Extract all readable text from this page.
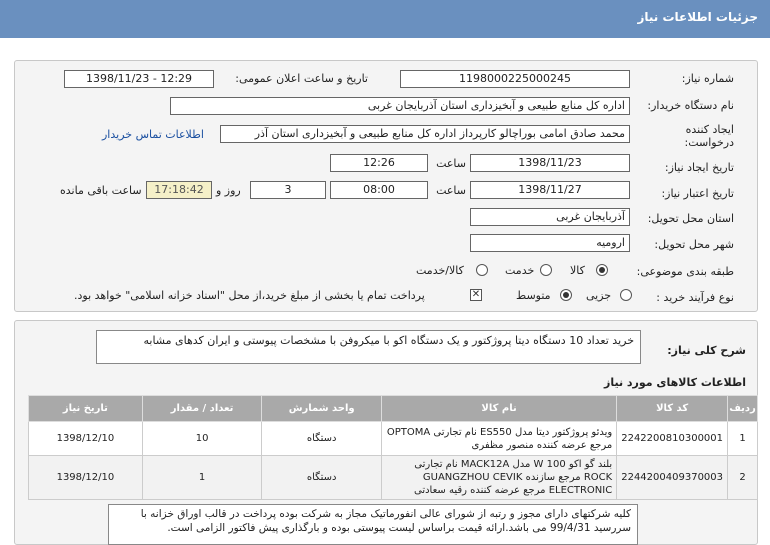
جزئیات اطلاعات نیاز
شماره نیاز:
1198000225000245
تاریخ و ساعت اعلان عمومی:
1398/11/23 - 12:29
نام دستگاه خریدار:
اداره کل منابع طبیعی و آبخیزداری استان آذربایجان غربی
ایجاد کننده درخواست:
محمد صادق امامی بوراچالو کارپرداز اداره کل منابع طبیعی و آبخیزداری استان آذر
اطلاعات تماس خریدار
تاریخ ایجاد نیاز:
1398/11/23
ساعت
12:26
تاریخ اعتبار نیاز:
1398/11/27
ساعت
08:00
3
روز و
17:18:42
ساعت باقی مانده
استان محل تحویل:
آذربایجان غربی
شهر محل تحویل:
ارومیه
طبقه بندی موضوعی:
کالا
خدمت
کالا/خدمت
نوع فرآیند خرید :
جزیی
متوسط
✕
پرداخت تمام یا بخشی از مبلغ خرید،از محل "اسناد خزانه اسلامی" خواهد بود.
شرح کلی نیاز:
خرید تعداد 10 دستگاه دیتا پروژکتور و یک دستگاه اکو با میکروفن با مشخصات پیوستی و ایران کدهای مشابه
اطلاعات کالاهای مورد نیاز
ردیف	کد کالا	نام کالا	واحد شمارش	تعداد / مقدار	تاریخ نیاز
1	2242200810300001	ویدئو پروژکتور دیتا مدل ES550 نام تجارتی OPTOMA مرجع عرضه کننده منصور مظفری	دستگاه	10	1398/12/10
2	2244200409370003	بلند گو اکو W 100 مدل MACK12A نام تجارتی ROCK مرجع سازنده GUANGZHOU CEVIK ELECTRONIC مرجع عرضه کننده رقیه سعادتی	دستگاه	1	1398/12/10
کلیه شرکتهای دارای مجوز و رتبه از شورای عالی انفورماتیک مجاز به شرکت بوده پرداخت در قالب اوراق خزانه با سررسید 99/4/31 می باشد.ارائه قیمت براساس لیست پیوستی بوده و بارگذاری پیش فاکتور الزامی است.
